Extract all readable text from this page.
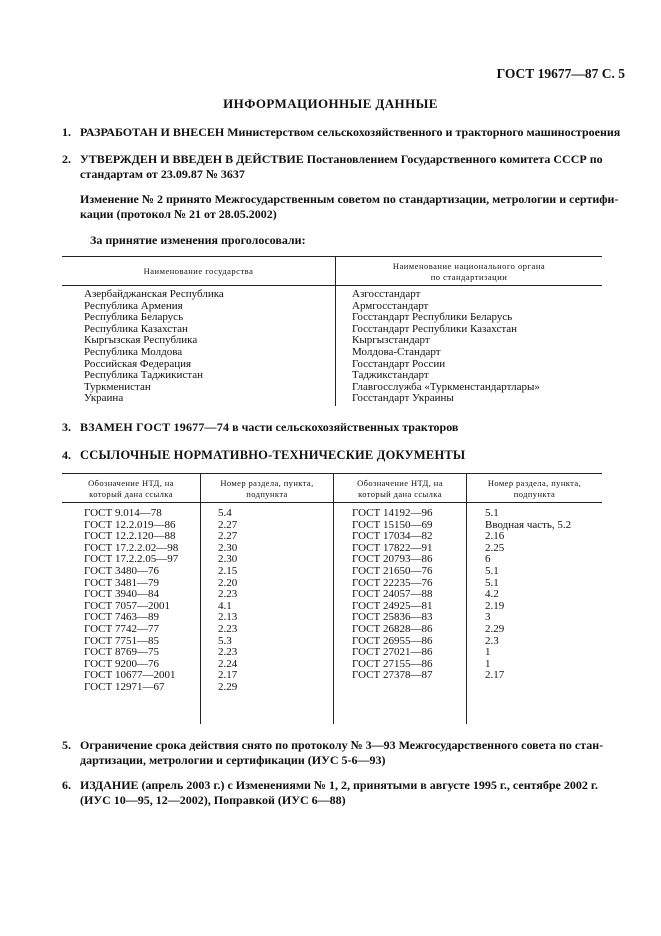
ГОСТ 19677—87 С. 5
ИНФОРМАЦИОННЫЕ ДАННЫЕ
1. РАЗРАБОТАН И ВНЕСЕН Министерством сельскохозяйственного и тракторного машиностроения
2. УТВЕРЖДЕН И ВВЕДЕН В ДЕЙСТВИЕ Постановлением Государственного комитета СССР по
стандартам от 23.09.87 № 3637
Изменение № 2 принято Межгосударственным советом по стандартизации, метрологии и сертифи-
кации (протокол № 21 от 28.05.2002)
За принятие изменения проголосовали:
Наименование государства	Наименование национального органа
по стандартизации
Азербайджанская Республика
Республика Армения
Республика Беларусь
Республика Казахстан
Кыргызская Республика
Республика Молдова
Российская Федерация
Республика Таджикистан
Туркменистан
Украина
Азгосстандарт
Армгосстандарт
Госстандарт Республики Беларусь
Госстандарт Республики Казахстан
Кыргызстандарт
Молдова-Стандарт
Госстандарт России
Таджикстандарт
Главгосслужба «Туркменстандартлары»
Госстандарт Украины
3. ВЗАМЕН ГОСТ 19677—74 в части сельскохозяйственных тракторов
4. ССЫЛОЧНЫЕ НОРМАТИВНО-ТЕХНИЧЕСКИЕ ДОКУМЕНТЫ
Обозначение НТД, на
который дана ссылка
Номер раздела, пункта,
подпункта
Обозначение НТД, на
который дана ссылка
Номер раздела, пункта,
подпункта
ГОСТ 9.014—78
ГОСТ 12.2.019—86
ГОСТ 12.2.120—88
ГОСТ 17.2.2.02—98
ГОСТ 17.2.2.05—97
ГОСТ 3480—76
ГОСТ 3481—79
ГОСТ 3940—84
ГОСТ 7057—2001
ГОСТ 7463—89
ГОСТ 7742—77
ГОСТ 7751—85
ГОСТ 8769—75
ГОСТ 9200—76
ГОСТ 10677—2001
ГОСТ 12971—67
5.4
2.27
2.27
2.30
2.30
2.15
2.20
2.23
4.1
2.13
2.23
5.3
2.23
2.24
2.17
2.29
ГОСТ 14192—96
ГОСТ 15150—69
ГОСТ 17034—82
ГОСТ 17822—91
ГОСТ 20793—86
ГОСТ 21650—76
ГОСТ 22235—76
ГОСТ 24057—88
ГОСТ 24925—81
ГОСТ 25836—83
ГОСТ 26828—86
ГОСТ 26955—86
ГОСТ 27021—86
ГОСТ 27155—86
ГОСТ 27378—87
5.1
Вводная часть, 5.2
2.16
2.25
6
5.1
5.1
4.2
2.19
3
2.29
2.3
1
1
2.17
5. Ограничение срока действия снято по протоколу № 3—93 Межгосударственного совета по стан-
дартизации, метрологии и сертификации (ИУС 5-6—93)
6. ИЗДАНИЕ (апрель 2003 г.) с Изменениями № 1, 2, принятыми в августе 1995 г., сентябре 2002 г.
(ИУС 10—95, 12—2002), Поправкой (ИУС 6—88)
